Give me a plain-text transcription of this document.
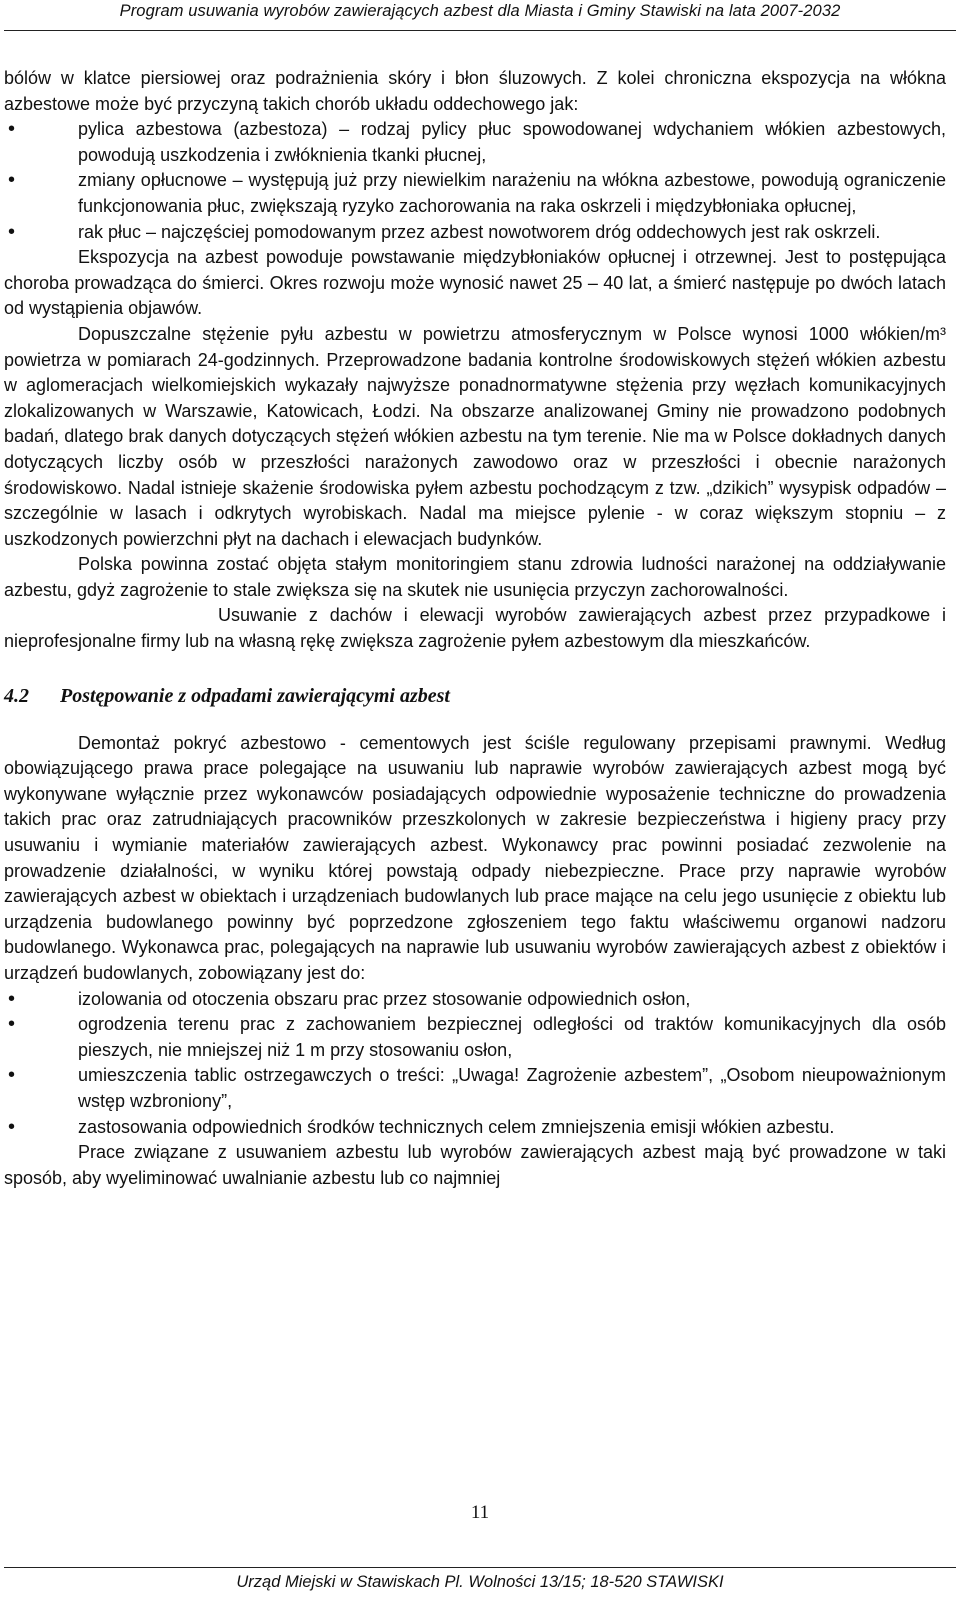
Program usuwania wyrobów zawierających azbest dla Miasta i Gminy Stawiski na lata 2007-2032

bólów w klatce piersiowej oraz podrażnienia skóry i błon śluzowych. Z kolei chroniczna ekspozycja na włókna azbestowe może być przyczyną takich chorób układu oddechowego jak:

• pylica azbestowa (azbestoza) – rodzaj pylicy płuc spowodowanej wdychaniem włókien azbestowych, powodują uszkodzenia i zwłóknienia tkanki płucnej,
• zmiany opłucnowe – występują już przy niewielkim narażeniu na włókna azbestowe, powodują ograniczenie funkcjonowania płuc, zwiększają ryzyko zachorowania na raka oskrzeli i międzybłoniaka opłucnej,
• rak płuc – najczęściej pomodowanym przez azbest nowotworem dróg oddechowych jest rak oskrzeli.

Ekspozycja na azbest powoduje powstawanie międzybłoniaków opłucnej i otrzewnej. Jest to postępująca choroba prowadząca do śmierci. Okres rozwoju może wynosić nawet 25 – 40 lat, a śmierć następuje po dwóch latach od wystąpienia objawów.

Dopuszczalne stężenie pyłu azbestu w powietrzu atmosferycznym w Polsce wynosi 1000 włókien/m³ powietrza w pomiarach 24-godzinnych. Przeprowadzone badania kontrolne środowiskowych stężeń włókien azbestu w aglomeracjach wielkomiejskich wykazały najwyższe ponadnormatywne stężenia przy węzłach komunikacyjnych zlokalizowanych w Warszawie, Katowicach, Łodzi. Na obszarze analizowanej Gminy nie prowadzono podobnych badań, dlatego brak danych dotyczących stężeń włókien azbestu na tym terenie. Nie ma w Polsce dokładnych danych dotyczących liczby osób w przeszłości narażonych zawodowo oraz w przeszłości i obecnie narażonych środowiskowo. Nadal istnieje skażenie środowiska pyłem azbestu pochodzącym z tzw. „dzikich” wysypisk odpadów – szczególnie w lasach i odkrytych wyrobiskach. Nadal ma miejsce pylenie - w coraz większym stopniu – z uszkodzonych powierzchni płyt na dachach i elewacjach budynków.

Polska powinna zostać objęta stałym monitoringiem stanu zdrowia ludności narażonej na oddziaływanie azbestu, gdyż zagrożenie to stale zwiększa się na skutek nie usunięcia przyczyn zachorowalności.

Usuwanie z dachów i elewacji wyrobów zawierających azbest przez przypadkowe i nieprofesjonalne firmy lub na własną rękę zwiększa zagrożenie pyłem azbestowym dla mieszkańców.

4.2 Postępowanie z odpadami zawierającymi azbest

Demontaż pokryć azbestowo - cementowych jest ściśle regulowany przepisami prawnymi. Według obowiązującego prawa prace polegające na usuwaniu lub naprawie wyrobów zawierających azbest mogą być wykonywane wyłącznie przez wykonawców posiadających odpowiednie wyposażenie techniczne do prowadzenia takich prac oraz zatrudniających pracowników przeszkolonych w zakresie bezpieczeństwa i higieny pracy przy usuwaniu i wymianie materiałów zawierających azbest. Wykonawcy prac powinni posiadać zezwolenie na prowadzenie działalności, w wyniku której powstają odpady niebezpieczne. Prace przy naprawie wyrobów zawierających azbest w obiektach i urządzeniach budowlanych lub prace mające na celu jego usunięcie z obiektu lub urządzenia budowlanego powinny być poprzedzone zgłoszeniem tego faktu właściwemu organowi nadzoru budowlanego. Wykonawca prac, polegających na naprawie lub usuwaniu wyrobów zawierających azbest z obiektów i urządzeń budowlanych, zobowiązany jest do:

• izolowania od otoczenia obszaru prac przez stosowanie odpowiednich osłon,
• ogrodzenia terenu prac z zachowaniem bezpiecznej odległości od traktów komunikacyjnych dla osób pieszych, nie mniejszej niż 1 m przy stosowaniu osłon,
• umieszczenia tablic ostrzegawczych o treści: „Uwaga! Zagrożenie azbestem”, „Osobom nieupoważnionym wstęp wzbroniony”,
• zastosowania odpowiednich środków technicznych celem zmniejszenia emisji włókien azbestu.

Prace związane z usuwaniem azbestu lub wyrobów zawierających azbest mają być prowadzone w taki sposób, aby wyeliminować uwalnianie azbestu lub co najmniej

11
Urząd Miejski w Stawiskach Pl. Wolności 13/15; 18-520 STAWISKI
